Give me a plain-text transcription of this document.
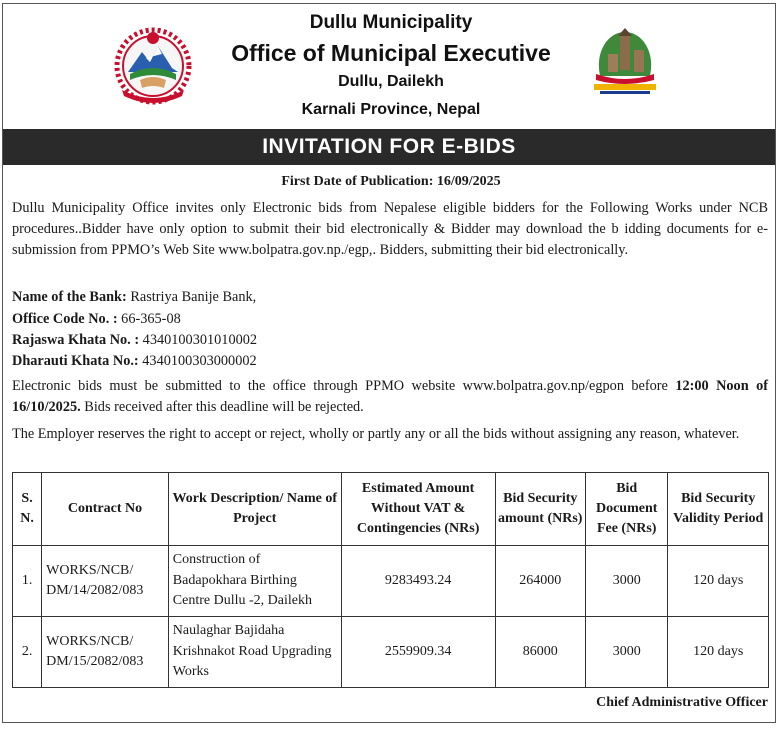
Dullu Municipality
Office of Municipal Executive
Dullu, Dailekh
Karnali Province, Nepal
INVITATION FOR E-BIDS
First Date of Publication: 16/09/2025
Dullu Municipality Office invites only Electronic bids from Nepalese eligible bidders for the Following Works under NCB procedures..Bidder have only option to submit their bid electronically & Bidder may download the b idding documents for e-submission from PPMO’s Web Site www.bolpatra.gov.np./egp,. Bidders, submitting their bid electronically.
Name of the Bank: Rastriya Banije Bank,
Office Code No. : 66-365-08
Rajaswa Khata No. : 4340100301010002
Dharauti Khata No.: 4340100303000002
Electronic bids must be submitted to the office through PPMO website www.bolpatra.gov.np/egpon before 12:00 Noon of 16/10/2025. Bids received after this deadline will be rejected.
The Employer reserves the right to accept or reject, wholly or partly any or all the bids without assigning any reason, whatever.
S. N.	Contract No	Work Description/ Name of Project	Estimated Amount Without VAT & Contingencies (NRs)	Bid Security amount (NRs)	Bid Document Fee (NRs)	Bid Security Validity Period
1.	WORKS/NCB/ DM/14/2082/083	Construction of Badapokhara Birthing Centre Dullu -2, Dailekh	9283493.24	264000	3000	120 days
2.	WORKS/NCB/ DM/15/2082/083	Naulaghar Bajidaha Krishnakot Road Upgrading Works	2559909.34	86000	3000	120 days
Chief Administrative Officer
